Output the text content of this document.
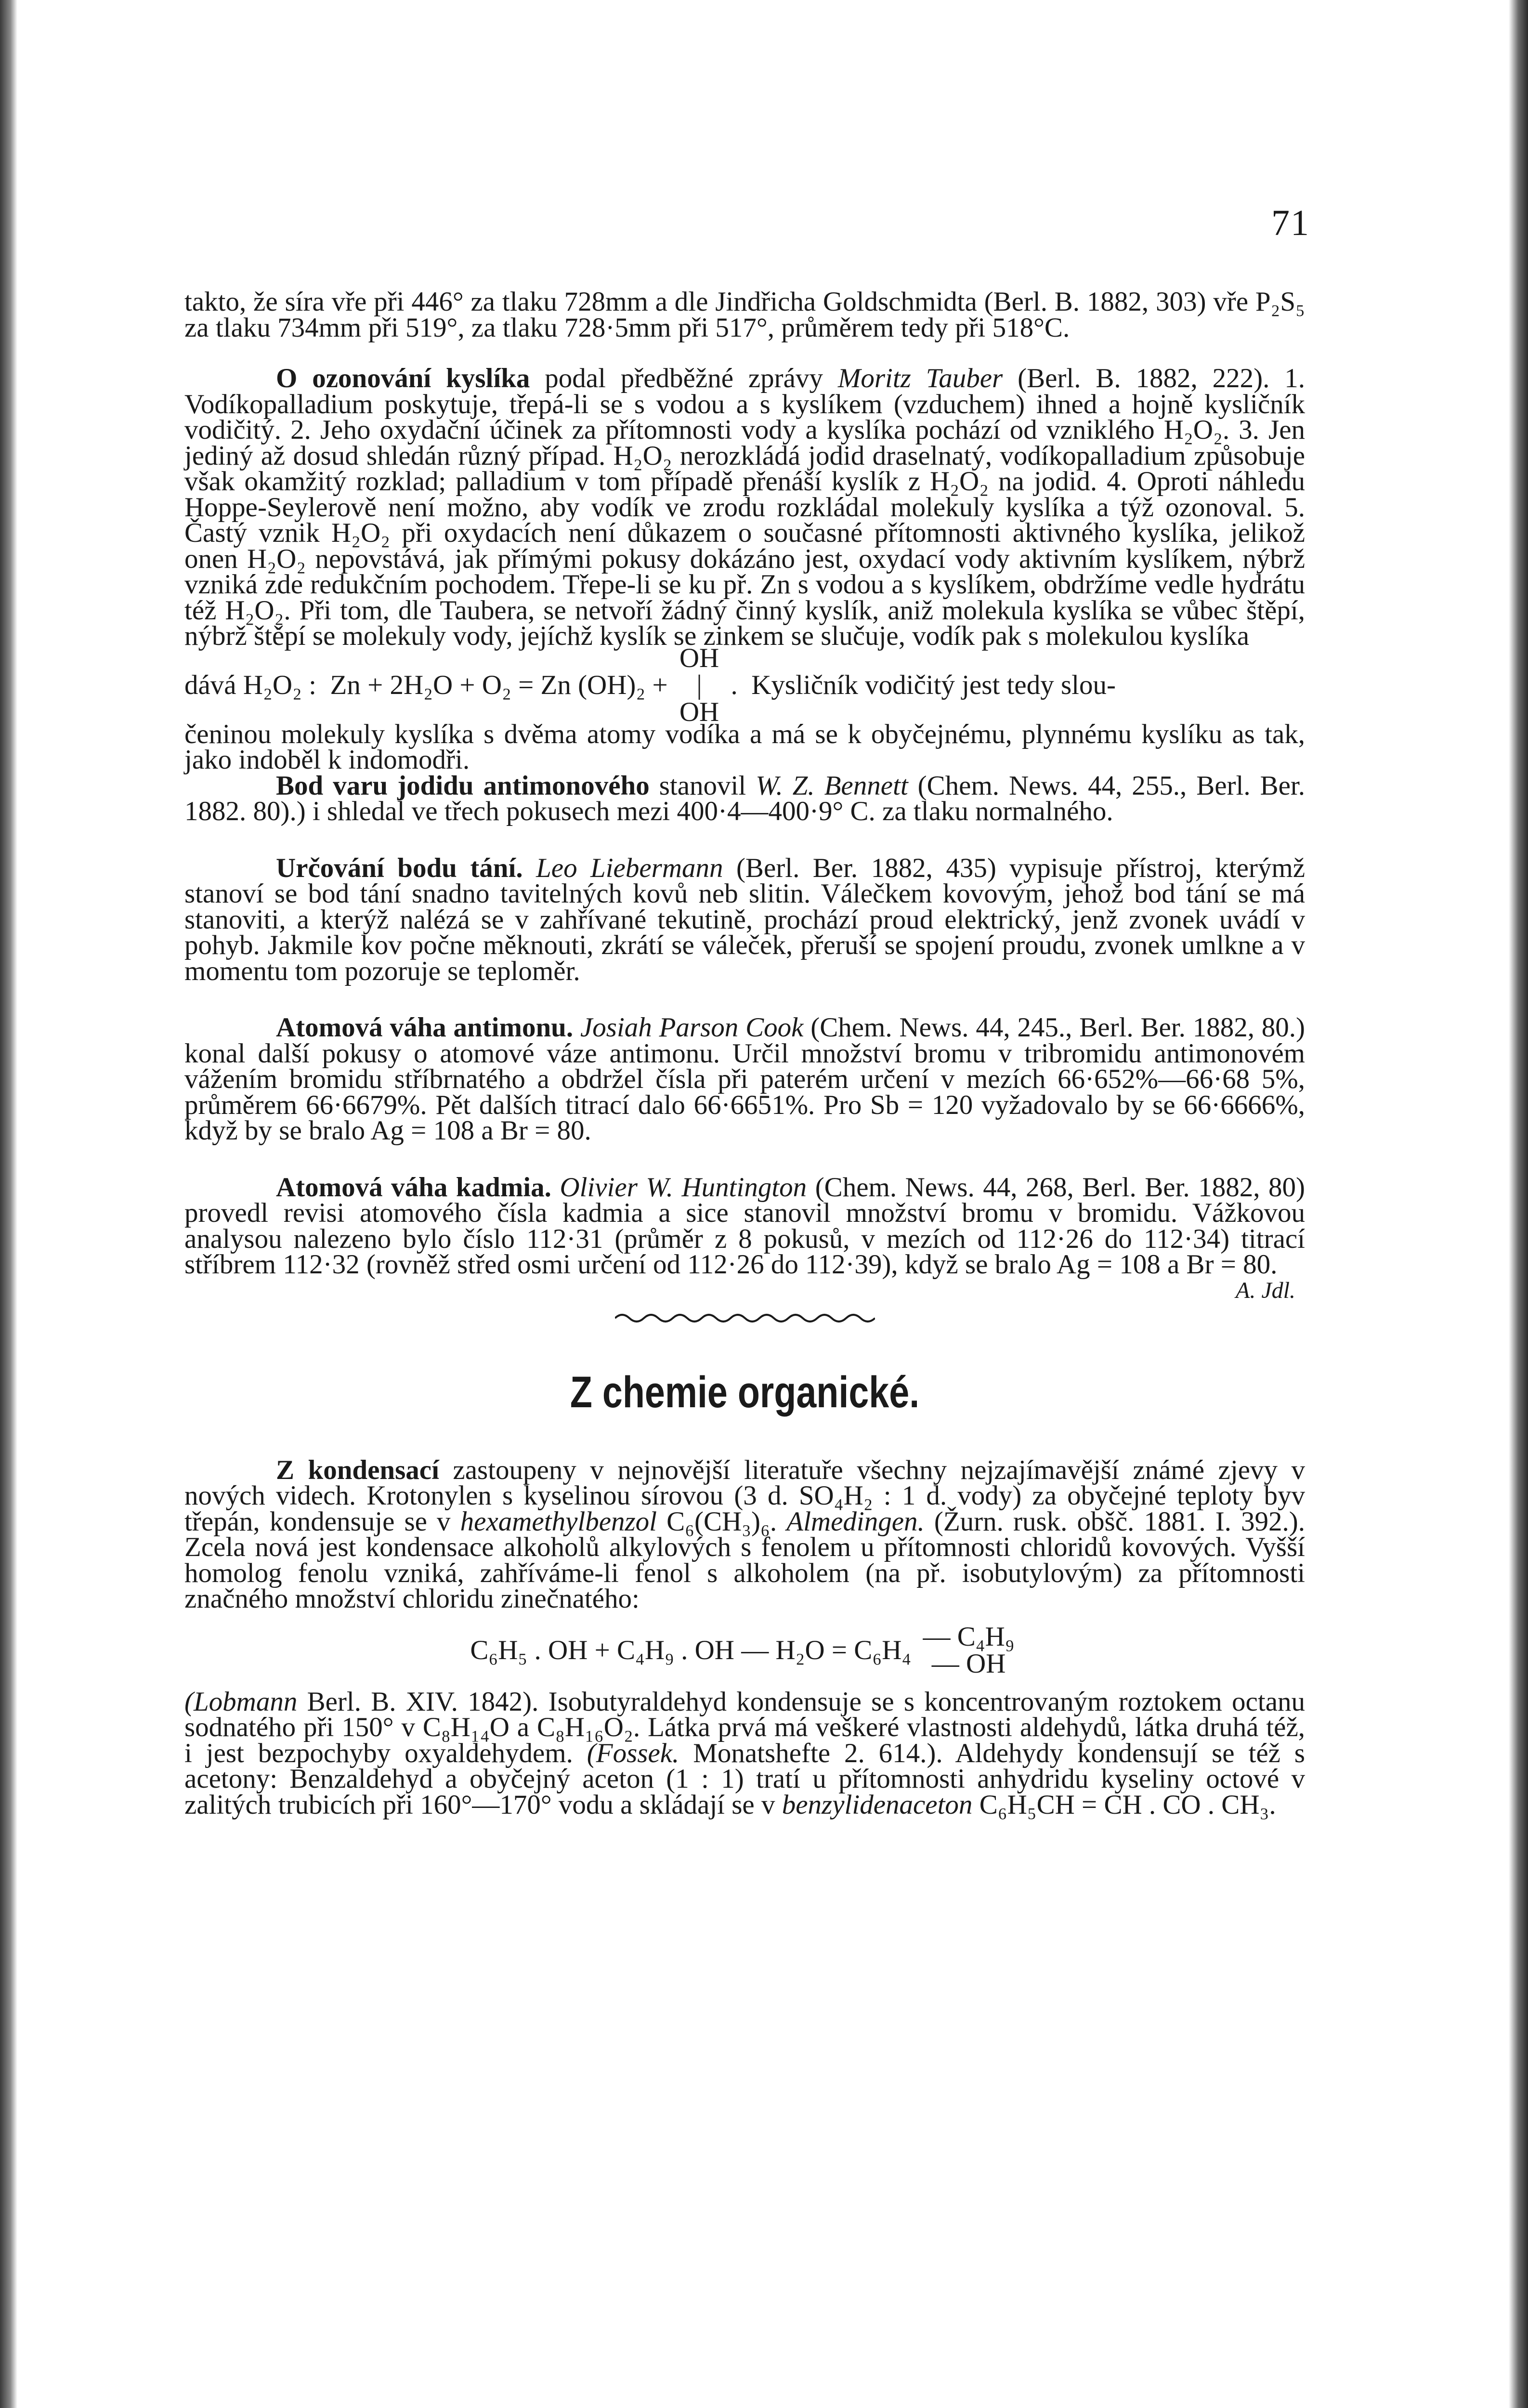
71

takto, že síra vře při 446° za tlaku 728mm a dle Jindřicha Goldschmidta (Berl. B. 1882, 303) vře P₂S₅ za tlaku 734mm při 519°, za tlaku 728·5mm při 517°, průměrem tedy při 518°C.

O ozonování kyslíka podal předběžné zprávy Moritz Tauber (Berl. B. 1882, 222). 1. Vodíkopalladium poskytuje, třepá-li se s vodou a s kyslíkem (vzduchem) ihned a hojně kysličník vodičitý. 2. Jeho oxydační účinek za přítomnosti vody a kyslíka pochází od vzniklého H₂O₂. 3. Jen jediný až dosud shledán různý případ. H₂O₂ nerozkládá jodid draselnatý, vodíkopalladium způsobuje však okamžitý rozklad; palladium v tom případě přenáší kyslík z H₂O₂ na jodid. 4. Oproti náhledu Hoppe-Seylerově není možno, aby vodík ve zrodu rozkládal molekuly kyslíka a týž ozonoval. 5. Častý vznik H₂O₂ při oxydacích není důkazem o současné přítomnosti aktivného kyslíka, jelikož onen H₂O₂ nepovstává, jak přímými pokusy dokázáno jest, oxydací vody aktivním kyslíkem, nýbrž vzniká zde redukčním pochodem. Třepe-li se ku př. Zn s vodou a s kyslíkem, obdržíme vedle hydrátu též H₂O₂. Při tom, dle Taubera, se netvoří žádný činný kyslík, aniž molekula kyslíka se vůbec štěpí, nýbrž štěpí se molekuly vody, jejíchž kyslík se zinkem se slučuje, vodík pak s molekulou kyslíka

dává H₂O₂ :  Zn + 2H₂O + O₂ = Zn (OH)₂ +
OH
|
OH
.  Kysličník vodičitý jest tedy slou-

čeninou molekuly kyslíka s dvěma atomy vodíka a má se k obyčejnému, plynnému kyslíku as tak, jako indoběl k indomodři.

Bod varu jodidu antimonového stanovil W. Z. Bennett (Chem. News. 44, 255., Berl. Ber. 1882. 80).) i shledal ve třech pokusech mezi 400·4—400·9° C. za tlaku normalného.

Určování bodu tání. Leo Liebermann (Berl. Ber. 1882, 435) vypisuje přístroj, kterýmž stanoví se bod tání snadno tavitelných kovů neb slitin. Válečkem kovovým, jehož bod tání se má stanoviti, a kterýž nalézá se v zahřívané tekutině, prochází proud elektrický, jenž zvonek uvádí v pohyb. Jakmile kov počne měknouti, zkrátí se váleček, přeruší se spojení proudu, zvonek umlkne a v momentu tom pozoruje se teploměr.

Atomová váha antimonu. Josiah Parson Cook (Chem. News. 44, 245., Berl. Ber. 1882, 80.) konal další pokusy o atomové váze antimonu. Určil množství bromu v tribromidu antimonovém vážením bromidu stříbrnatého a obdržel čísla při paterém určení v mezích 66·652%—66·68 5%, průměrem 66·6679%. Pět dalších titrací dalo 66·6651%. Pro Sb = 120 vyžadovalo by se 66·6666%, když by se bralo Ag = 108 a Br = 80.

Atomová váha kadmia. Olivier W. Huntington (Chem. News. 44, 268, Berl. Ber. 1882, 80) provedl revisi atomového čísla kadmia a sice stanovil množství bromu v bromidu. Vážkovou analysou nalezeno bylo číslo 112·31 (průměr z 8 pokusů, v mezích od 112·26 do 112·34) titrací stříbrem 112·32 (rovněž střed osmi určení od 112·26 do 112·39), když se bralo Ag = 108 a Br = 80.
A. Jdl.

Z chemie organické.

Z kondensací zastoupeny v nejnovější literatuře všechny nejzajímavější známé zjevy v nových videch. Krotonylen s kyselinou sírovou (3 d. SO₄H₂ : 1 d. vody) za obyčejné teploty byv třepán, kondensuje se v hexamethylbenzol C₆(CH₃)₆. Almedingen. (Žurn. rusk. obšč. 1881. I. 392.). Zcela nová jest kondensace alkoholů alkylových s fenolem u přítomnosti chloridů kovových. Vyšší homolog fenolu vzniká, zahříváme-li fenol s alkoholem (na př. isobutylovým) za přítomnosti značného množství chloridu zinečnatého:

C₆H₅ . OH + C₄H₉ . OH — H₂O = C₆H₄ — C₄H₉
— OH

(Lobmann Berl. B. XIV. 1842). Isobutyraldehyd kondensuje se s koncentrovaným roztokem octanu sodnatého při 150° v C₈H₁₄O a C₈H₁₆O₂. Látka prvá má veškeré vlastnosti aldehydů, látka druhá též, i jest bezpochyby oxyaldehydem. (Fossek. Monatshefte 2. 614.). Aldehydy kondensují se též s acetony: Benzaldehyd a obyčejný aceton (1 : 1) tratí u přítomnosti anhydridu kyseliny octové v zalitých trubicích při 160°—170° vodu a skládají se v benzylidenaceton C₆H₅CH = CH . CO . CH₃.
